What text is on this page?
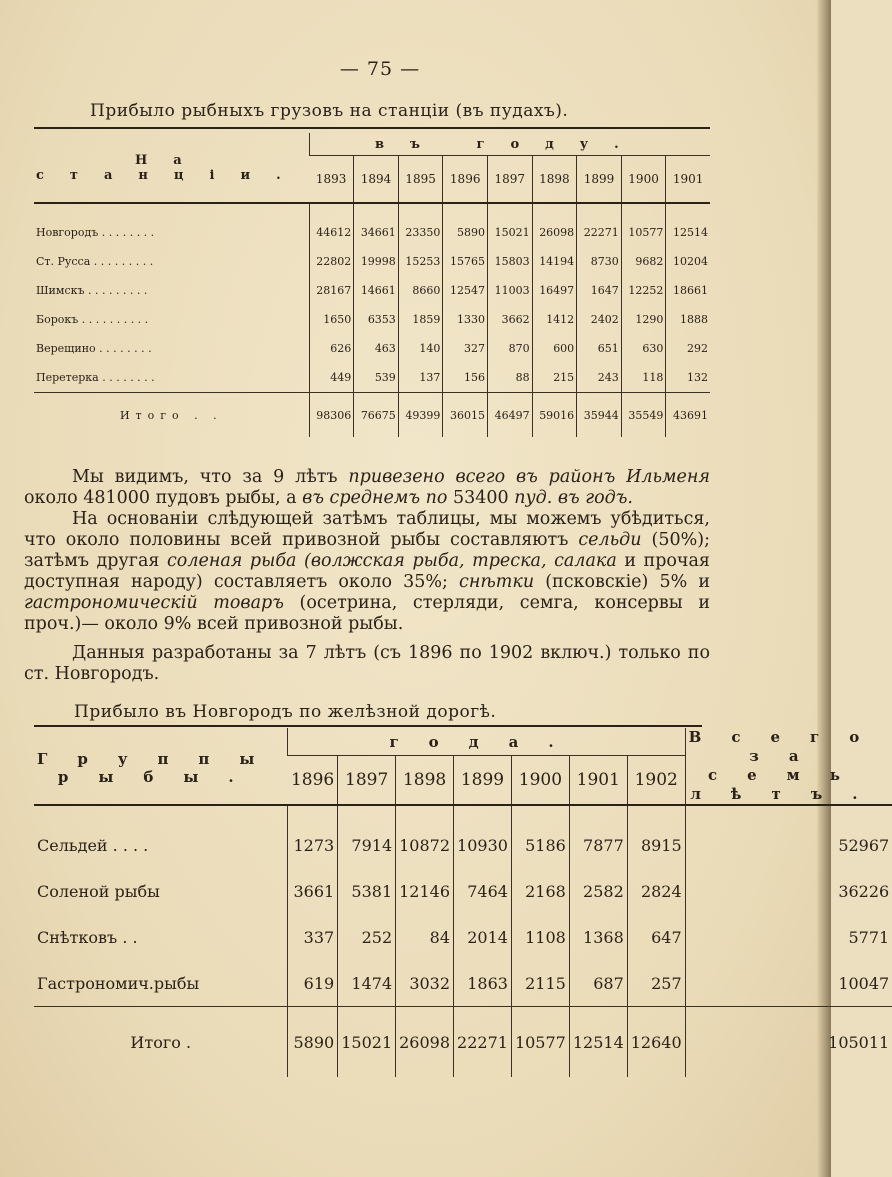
— 75 —
Прибыло рыбныхъ грузовъ на станціи (въ пудахъ).
На станціи.	въ году.								
	1893	1894	1895	1896	1897	1898	1899	1900	1901

Новгородъ . . . . . . . .	44612	34661	23350	5890	15021	26098	22271	10577	12514
Ст. Русса . . . . . . . . .	22802	19998	15253	15765	15803	14194	8730	9682	10204
Шимскъ . . . . . . . . .	28167	14661	8660	12547	11003	16497	1647	12252	18661
Борокъ . . . . . . . . . .	1650	6353	1859	1330	3662	1412	2402	1290	1888
Верещино . . . . . . . .	626	463	140	327	870	600	651	630	292
Перетерка . . . . . . . .	449	539	137	156	88	215	243	118	132
Итого . .	98306	76675	49399	36015	46497	59016	35944	35549	43691

Мы видимъ, что за 9 лѣтъ привезено всего въ районъ Ильменя около 481000 пудовъ рыбы, а въ среднемъ по 53400 пуд. въ годъ.

На основаніи слѣдующей затѣмъ таблицы, мы можемъ убѣдиться, что около половины всей привозной рыбы составляютъ сельди (50%); затѣмъ другая соленая рыба (волжская рыба, треска, салака и прочая доступная народу) составляетъ около 35%; снѣтки (псковскіе) 5% и гастрономическій товаръ (осетрина, стерляди, семга, консервы и проч.)— около 9% всей привозной рыбы.

Данныя разработаны за 7 лѣтъ (съ 1896 по 1902 включ.) только по ст. Новгородъ.

Прибыло въ Новгородъ по желѣзной дорогѣ.
Группы рыбы.	года.							Всего за семь лѣтъ.
	1896	1897	1898	1899	1900	1901	1902	

Сельдей . . . .	1273	7914	10872	10930	5186	7877	8915	52967
Соленой рыбы	3661	5381	12146	7464	2168	2582	2824	36226
Снѣтковъ . .	337	252	84	2014	1108	1368	647	5771
Гастрономич.рыбы	619	1474	3032	1863	2115	687	257	10047
Итого .	5890	15021	26098	22271	10577	12514	12640	105011
